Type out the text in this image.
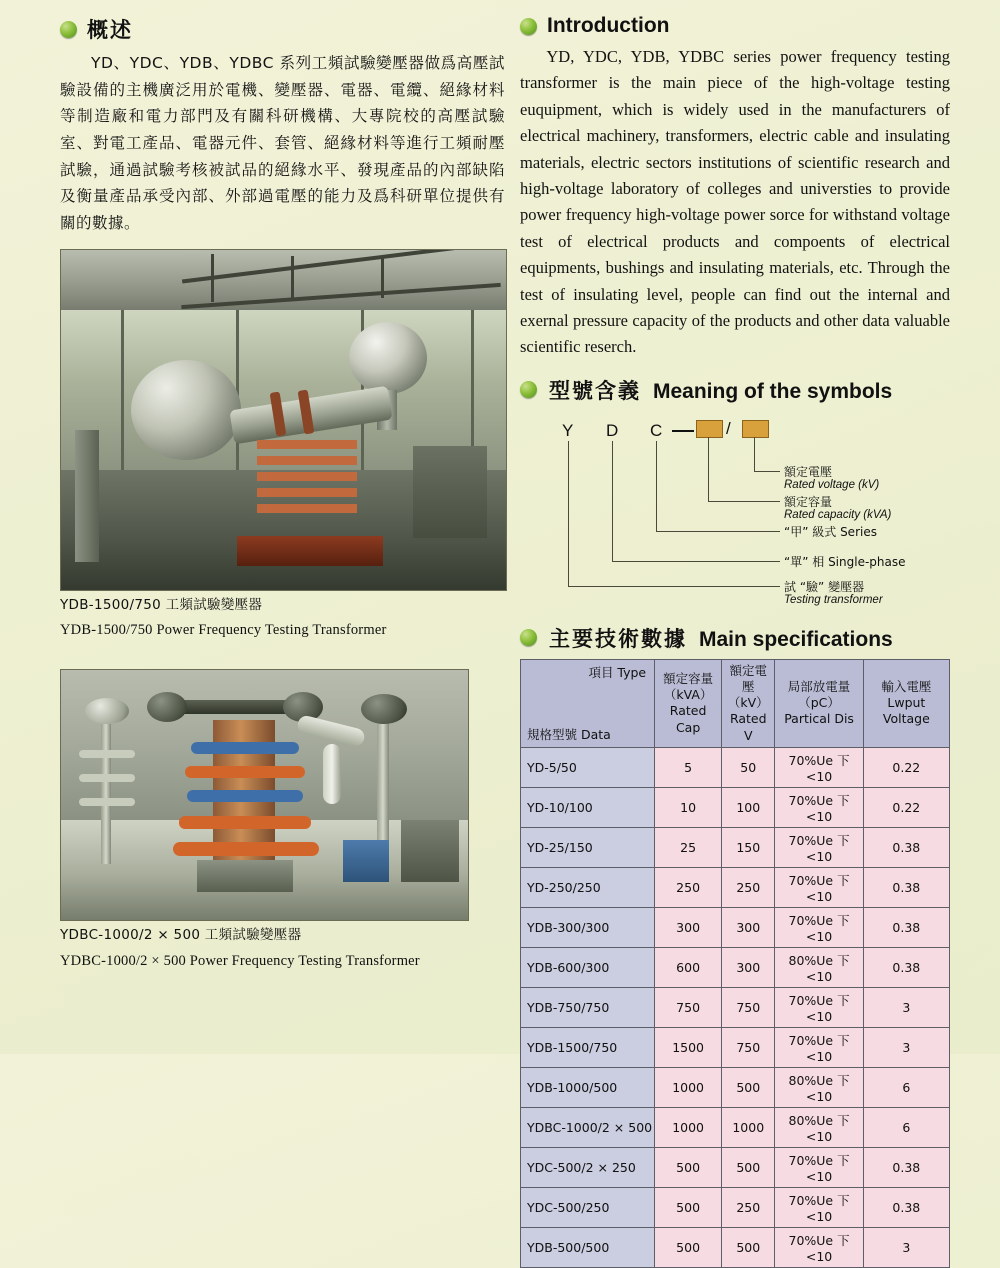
概述

YD、YDC、YDB、YDBC 系列工頻試驗變壓器做爲高壓試驗設備的主機廣泛用於電機、變壓器、電器、電纜、絕緣材料等制造廠和電力部門及有關科研機構、大專院校的高壓試驗室、對電工產品、電器元件、套管、絕緣材料等進行工頻耐壓試驗，通過試驗考核被試品的絕緣水平、發現產品的內部缺陷及衡量產品承受內部、外部過電壓的能力及爲科研單位提供有關的數據。

YDB-1500/750 工頻試驗變壓器
YDB-1500/750 Power Frequency Testing Transformer
YDBC-1000/2 × 500 工頻試驗變壓器
YDBC-1000/2 × 500 Power Frequency Testing Transformer
Introduction

YD, YDC, YDB, YDBC series power frequency testing transformer is the main piece of the high-voltage testing euquipment, which is widely used in the manufacturers of electrical machinery, transformers, electric cable and insulating materials, electric sectors institutions of scientific research and high-voltage laboratory of colleges and universties to provide power frequency high-voltage power sorce for withstand voltage test of electrical products and compoents of electrical equipments, bushings and insulating materials, etc. Through the test of insulating level, people can find out the internal and exernal pressure capacity of the products and other data valuable scientific reserch.

型號含義 Meaning of the symbols
Y D C	/
額定電壓
Rated voltage (kV)
額定容量
Rated capacity (kVA)
“甲” 級式 Series
“單” 相 Single-phase
試 “驗” 變壓器
Testing transformer
主要技術數據 Main specifications
項目 Type
規格型號 Data

額定容量
（kVA）
Rated Cap

額定電壓
（kV）
Rated V

局部放電量
（pC）
Partical Dis

輸入電壓
Lwput Voltage

YD-5/50	5	50	70%Ue 下 <10	0.22
YD-10/100	10	100	70%Ue 下 <10	0.22
YD-25/150	25	150	70%Ue 下 <10	0.38
YD-250/250	250	250	70%Ue 下 <10	0.38
YDB-300/300	300	300	70%Ue 下 <10	0.38
YDB-600/300	600	300	80%Ue 下 <10	0.38
YDB-750/750	750	750	70%Ue 下 <10	3
YDB-1500/750	1500	750	70%Ue 下 <10	3
YDB-1000/500	1000	500	80%Ue 下 <10	6
YDBC-1000/2 × 500	1000	1000	80%Ue 下 <10	6
YDC-500/2 × 250	500	500	70%Ue 下 <10	0.38
YDC-500/250	500	250	70%Ue 下 <10	0.38
YDB-500/500	500	500	70%Ue 下 <10	3
